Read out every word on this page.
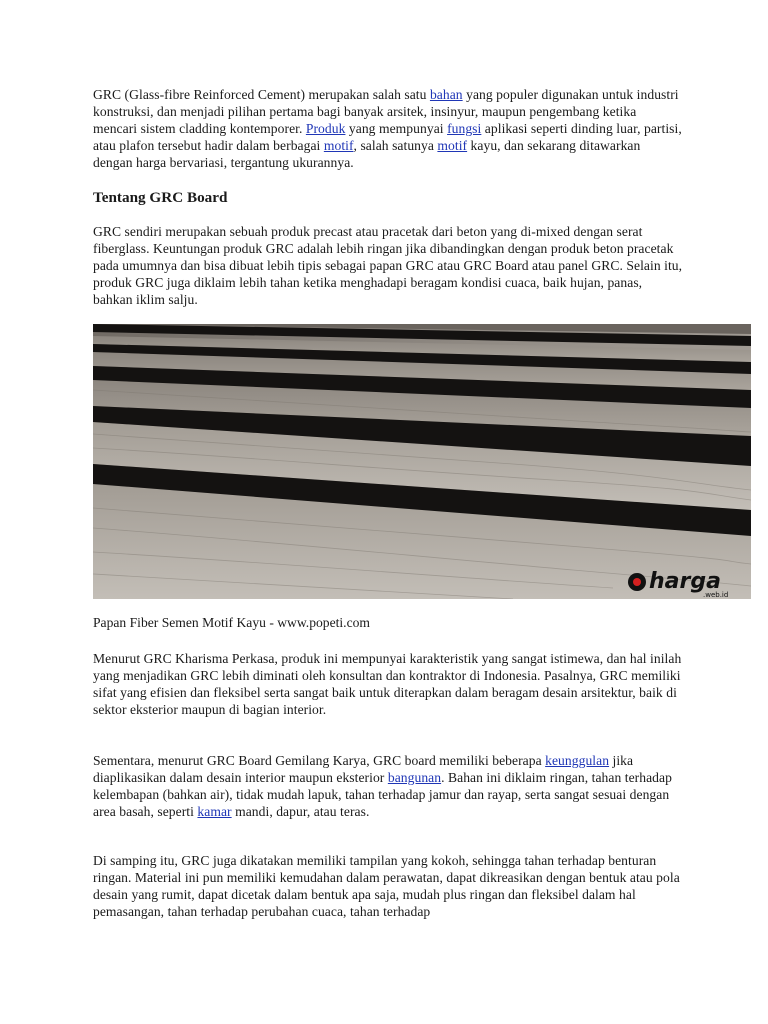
GRC (Glass-fibre Reinforced Cement) merupakan salah satu bahan yang populer digunakan untuk industri konstruksi, dan menjadi pilihan pertama bagi banyak arsitek, insinyur, maupun pengembang ketika mencari sistem cladding kontemporer. Produk yang mempunyai fungsi aplikasi seperti dinding luar, partisi, atau plafon tersebut hadir dalam berbagai motif, salah satunya motif kayu, dan sekarang ditawarkan dengan harga bervariasi, tergantung ukurannya.

Tentang GRC Board

GRC sendiri merupakan sebuah produk precast atau pracetak dari beton yang di-mixed dengan serat fiberglass. Keuntungan produk GRC adalah lebih ringan jika dibandingkan dengan produk beton pracetak pada umumnya dan bisa dibuat lebih tipis sebagai papan GRC atau GRC Board atau panel GRC. Selain itu, produk GRC juga diklaim lebih tahan ketika menghadapi beragam kondisi cuaca, baik hujan, panas, bahkan iklim salju.

harga
.web.id

Papan Fiber Semen Motif Kayu - www.popeti.com

Menurut GRC Kharisma Perkasa, produk ini mempunyai karakteristik yang sangat istimewa, dan hal inilah yang menjadikan GRC lebih diminati oleh konsultan dan kontraktor di Indonesia. Pasalnya, GRC memiliki sifat yang efisien dan fleksibel serta sangat baik untuk diterapkan dalam beragam desain arsitektur, baik di sektor eksterior maupun di bagian interior.

Sementara, menurut GRC Board Gemilang Karya, GRC board memiliki beberapa keunggulan jika diaplikasikan dalam desain interior maupun eksterior bangunan. Bahan ini diklaim ringan, tahan terhadap kelembapan (bahkan air), tidak mudah lapuk, tahan terhadap jamur dan rayap, serta sangat sesuai dengan area basah, seperti kamar mandi, dapur, atau teras.

Di samping itu, GRC juga dikatakan memiliki tampilan yang kokoh, sehingga tahan terhadap benturan ringan. Material ini pun memiliki kemudahan dalam perawatan, dapat dikreasikan dengan bentuk atau pola desain yang rumit, dapat dicetak dalam bentuk apa saja, mudah plus ringan dan fleksibel dalam hal pemasangan, tahan terhadap perubahan cuaca, tahan terhadap
